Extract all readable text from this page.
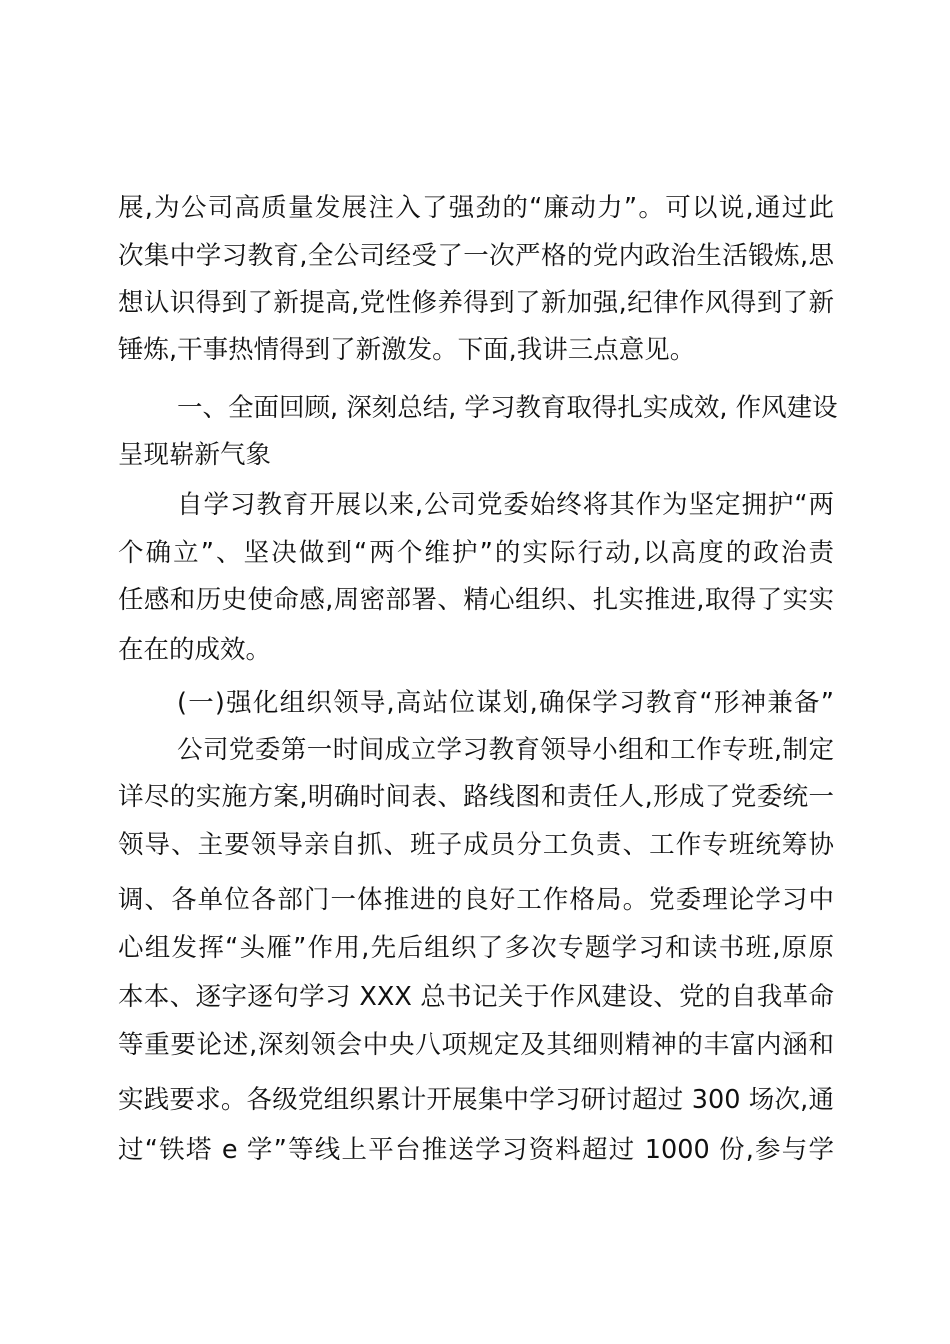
展,为公司高质量发展注入了强劲的“廉动力”。可以说,通过此
次集中学习教育,全公司经受了一次严格的党内政治生活锻炼,思
想认识得到了新提高,党性修养得到了新加强,纪律作风得到了新
锤炼,干事热情得到了新激发。下面,我讲三点意见。
一、全面回顾, 深刻总结, 学习教育取得扎实成效, 作风建设
呈现崭新气象
自学习教育开展以来,公司党委始终将其作为坚定拥护“两
个确立”、坚决做到“两个维护”的实际行动,以高度的政治责
任感和历史使命感,周密部署、精心组织、扎实推进,取得了实实
在在的成效。
(一)强化组织领导,高站位谋划,确保学习教育“形神兼备”
公司党委第一时间成立学习教育领导小组和工作专班,制定
详尽的实施方案,明确时间表、路线图和责任人,形成了党委统一
领导、主要领导亲自抓、班子成员分工负责、工作专班统筹协
调、各单位各部门一体推进的良好工作格局。党委理论学习中
心组发挥“头雁”作用,先后组织了多次专题学习和读书班,原原
本本、逐字逐句学习 XXX 总书记关于作风建设、党的自我革命
等重要论述,深刻领会中央八项规定及其细则精神的丰富内涵和
实践要求。各级党组织累计开展集中学习研讨超过 300 场次,通
过“铁塔 e 学”等线上平台推送学习资料超过 1000 份,参与学
